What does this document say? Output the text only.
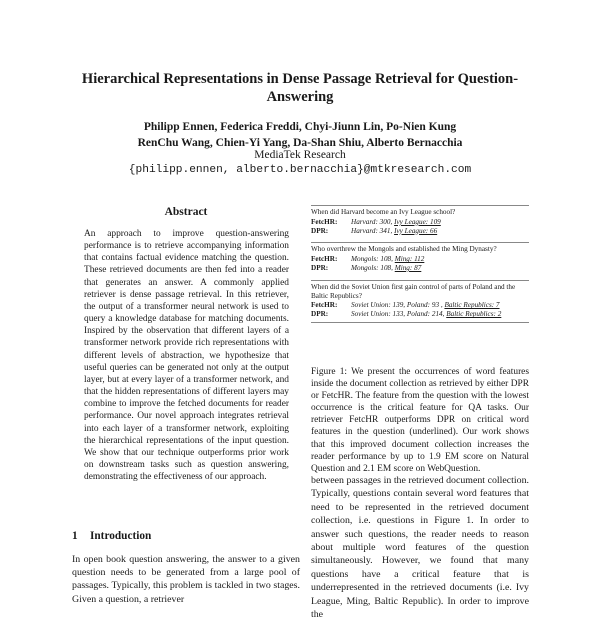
Hierarchical Representations in Dense Passage Retrieval for Question-Answering
Philipp Ennen, Federica Freddi, Chyi-Jiunn Lin, Po-Nien Kung
RenChu Wang, Chien-Yi Yang, Da-Shan Shiu, Alberto Bernacchia
MediaTek Research
{philipp.ennen, alberto.bernacchia}@mtkresearch.com
Abstract
An approach to improve question-answering performance is to retrieve accompanying information that contains factual evidence matching the question. These retrieved documents are then fed into a reader that generates an answer. A commonly applied retriever is dense passage retrieval. In this retriever, the output of a transformer neural network is used to query a knowledge database for matching documents. Inspired by the observation that different layers of a transformer network provide rich representations with different levels of abstraction, we hypothesize that useful queries can be generated not only at the output layer, but at every layer of a transformer network, and that the hidden representations of different layers may combine to improve the fetched documents for reader performance. Our novel approach integrates retrieval into each layer of a transformer network, exploiting the hierarchical representations of the input question. We show that our technique outperforms prior work on downstream tasks such as question answering, demonstrating the effectiveness of our approach.
1 Introduction
In open book question answering, the answer to a given question needs to be generated from a large pool of passages. Typically, this problem is tackled in two stages. Given a question, a retriever
When did Harvard become an Ivy League school?
FetcHR:	Harvard: 300, Ivy League: 109
DPR:	Harvard: 341, Ivy League: 66
Who overthrew the Mongols and established the Ming Dynasty?
FetcHR:	Mongols: 108, Ming: 112
DPR:	Mongols: 108, Ming: 87
When did the Soviet Union first gain control of parts of Poland and the Baltic Republics?
FetcHR:	Soviet Union: 139, Poland: 93 , Baltic Republics: 7
DPR:	Soviet Union: 133, Poland: 214, Baltic Republics: 2
Figure 1: We present the occurrences of word features inside the document collection as retrieved by either DPR or FetcHR. The feature from the question with the lowest occurrence is the critical feature for QA tasks. Our retriever FetcHR outperforms DPR on critical word features in the question (underlined). Our work shows that this improved document collection increases the reader performance by up to 1.9 EM score on Natural Question and 2.1 EM score on WebQuestion.
between passages in the retrieved document collection. Typically, questions contain several word features that need to be represented in the retrieved document collection, i.e. questions in Figure 1. In order to answer such questions, the reader needs to reason about multiple word features of the question simultaneously. However, we found that many questions have a critical feature that is underrepresented in the retrieved documents (i.e. Ivy League, Ming, Baltic Republic). In order to improve the
